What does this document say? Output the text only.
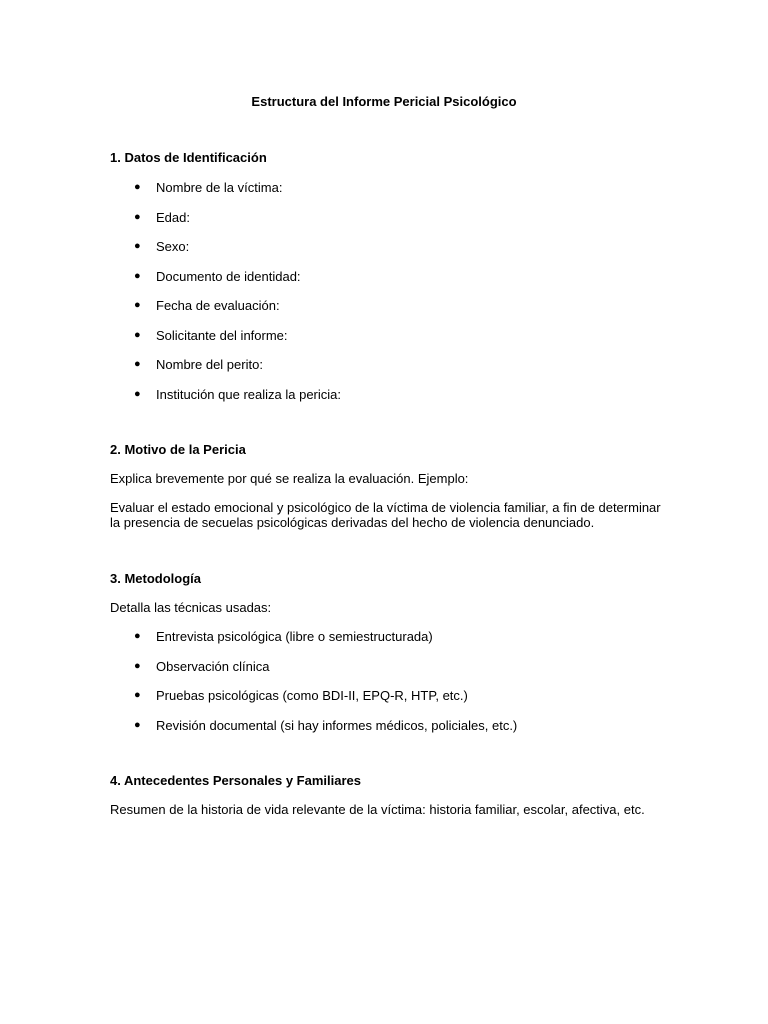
Estructura del Informe Pericial Psicológico

1. Datos de Identificación

● Nombre de la víctima:
● Edad:
● Sexo:
● Documento de identidad:
● Fecha de evaluación:
● Solicitante del informe:
● Nombre del perito:
● Institución que realiza la pericia:

2. Motivo de la Pericia

Explica brevemente por qué se realiza la evaluación. Ejemplo:

Evaluar el estado emocional y psicológico de la víctima de violencia familiar, a fin de determinar la presencia de secuelas psicológicas derivadas del hecho de violencia denunciado.

3. Metodología

Detalla las técnicas usadas:

● Entrevista psicológica (libre o semiestructurada)
● Observación clínica
● Pruebas psicológicas (como BDI-II, EPQ-R, HTP, etc.)
● Revisión documental (si hay informes médicos, policiales, etc.)

4. Antecedentes Personales y Familiares

Resumen de la historia de vida relevante de la víctima: historia familiar, escolar, afectiva, etc.
